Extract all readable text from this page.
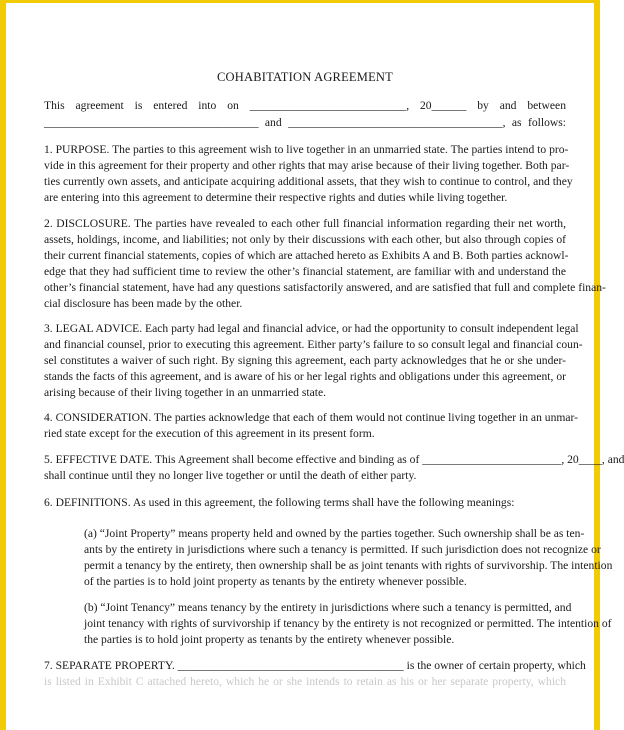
COHABITATION AGREEMENT
This agreement is entered into on ___________________________, 20______ by and between
_____________________________________ and _____________________________________, as follows:
1. PURPOSE. The parties to this agreement wish to live together in an unmarried state. The parties intend to pro-
vide in this agreement for their property and other rights that may arise because of their living together. Both par-
ties currently own assets, and anticipate acquiring additional assets, that they wish to continue to control, and they
are entering into this agreement to determine their respective rights and duties while living together.
2. DISCLOSURE. The parties have revealed to each other full financial information regarding their net worth,
assets, holdings, income, and liabilities; not only by their discussions with each other, but also through copies of
their current financial statements, copies of which are attached hereto as Exhibits A and B. Both parties acknowl-
edge that they had sufficient time to review the other’s financial statement, are familiar with and understand the
other’s financial statement, have had any questions satisfactorily answered, and are satisfied that full and complete finan-
cial disclosure has been made by the other.
3. LEGAL ADVICE. Each party had legal and financial advice, or had the opportunity to consult independent legal
and financial counsel, prior to executing this agreement. Either party’s failure to so consult legal and financial coun-
sel constitutes a waiver of such right. By signing this agreement, each party acknowledges that he or she under-
stands the facts of this agreement, and is aware of his or her legal rights and obligations under this agreement, or
arising because of their living together in an unmarried state.
4. CONSIDERATION. The parties acknowledge that each of them would not continue living together in an unmar-
ried state except for the execution of this agreement in its present form.
5. EFFECTIVE DATE. This Agreement shall become effective and binding as of ________________________, 20____, and
shall continue until they no longer live together or until the death of either party.
6. DEFINITIONS. As used in this agreement, the following terms shall have the following meanings:
(a) “Joint Property” means property held and owned by the parties together. Such ownership shall be as ten-
ants by the entirety in jurisdictions where such a tenancy is permitted. If such jurisdiction does not recognize or
permit a tenancy by the entirety, then ownership shall be as joint tenants with rights of survivorship. The intention
of the parties is to hold joint property as tenants by the entirety whenever possible.
(b) “Joint Tenancy” means tenancy by the entirety in jurisdictions where such a tenancy is permitted, and
joint tenancy with rights of survivorship if tenancy by the entirety is not recognized or permitted. The intention of
the parties is to hold joint property as tenants by the entirety whenever possible.
7. SEPARATE PROPERTY. _______________________________________ is the owner of certain property, which
is listed in Exhibit C attached hereto, which he or she intends to retain as his or her separate property, which
